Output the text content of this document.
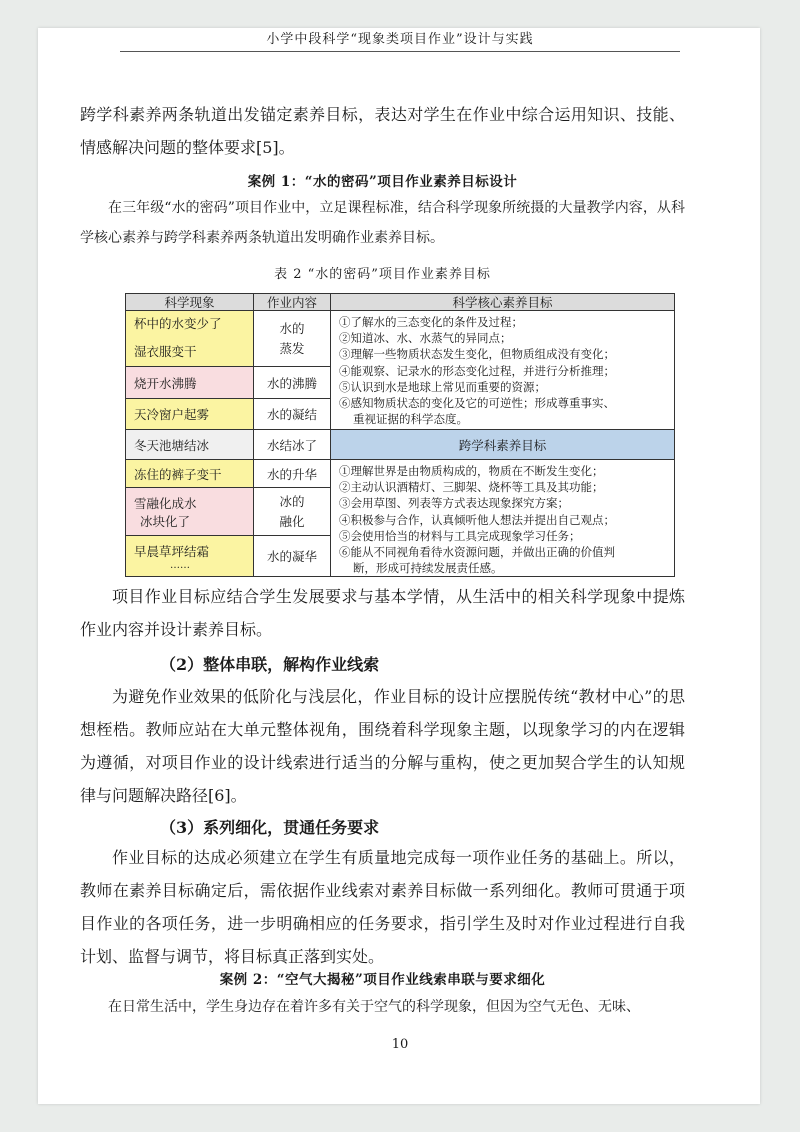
小学中段科学“现象类项目作业”设计与实践
跨学科素养两条轨道出发锚定素养目标，表达对学生在作业中综合运用知识、技能、情感解决问题的整体要求[5]。
案例 1：“水的密码”项目作业素养目标设计
在三年级“水的密码”项目作业中，立足课程标准，结合科学现象所统摄的大量教学内容，从科学核心素养与跨学科素养两条轨道出发明确作业素养目标。
表 2 “水的密码”项目作业素养目标
科学现象	作业内容	科学核心素养目标
杯中的水变少了
湿衣服变干
烧开水沸腾
天冷窗户起雾
冬天池塘结冰
冻住的裤子变干
雪融化成水
冰块化了
早晨草坪结霜
……
水的
蒸发
水的沸腾
水的凝结
水结冰了
水的升华
冰的
融化
水的凝华
①了解水的三态变化的条件及过程；
②知道冰、水、水蒸气的异同点；
③理解一些物质状态发生变化，但物质组成没有变化；
④能观察、记录水的形态变化过程，并进行分析推理；
⑤认识到水是地球上常见而重要的资源；
⑥感知物质状态的变化及它的可逆性；形成尊重事实、
重视证据的科学态度。
跨学科素养目标
①理解世界是由物质构成的，物质在不断发生变化；
②主动认识酒精灯、三脚架、烧杯等工具及其功能；
③会用草图、列表等方式表达现象探究方案；
④积极参与合作，认真倾听他人想法并提出自己观点；
⑤会使用恰当的材料与工具完成现象学习任务；
⑥能从不同视角看待水资源问题，并做出正确的价值判
断，形成可持续发展责任感。
项目作业目标应结合学生发展要求与基本学情，从生活中的相关科学现象中提炼作业内容并设计素养目标。
（2）整体串联，解构作业线索
为避免作业效果的低阶化与浅层化，作业目标的设计应摆脱传统“教材中心”的思想桎梏。教师应站在大单元整体视角，围绕着科学现象主题，以现象学习的内在逻辑为遵循，对项目作业的设计线索进行适当的分解与重构，使之更加契合学生的认知规律与问题解决路径[6]。
（3）系列细化，贯通任务要求
作业目标的达成必须建立在学生有质量地完成每一项作业任务的基础上。所以，教师在素养目标确定后，需依据作业线索对素养目标做一系列细化。教师可贯通于项目作业的各项任务，进一步明确相应的任务要求，指引学生及时对作业过程进行自我计划、监督与调节，将目标真正落到实处。
案例 2：“空气大揭秘”项目作业线索串联与要求细化
在日常生活中，学生身边存在着许多有关于空气的科学现象，但因为空气无色、无味、
10
